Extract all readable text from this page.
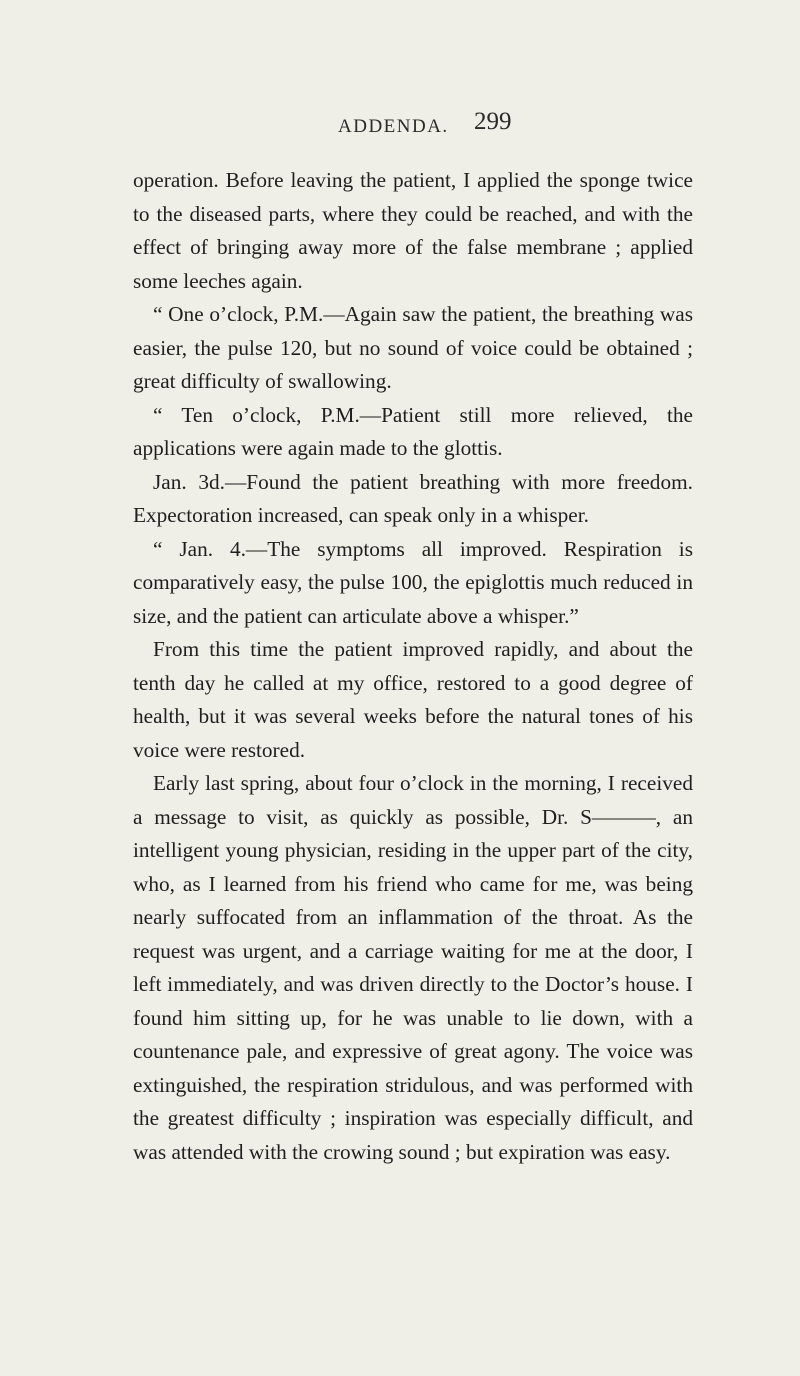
ADDENDA. 299

operation. Before leaving the patient, I applied the sponge twice to the diseased parts, where they could be reached, and with the effect of bringing away more of the false membrane ; applied some leeches again.

“ One o’clock, P.M.—Again saw the patient, the breathing was easier, the pulse 120, but no sound of voice could be obtained ; great difficulty of swallowing.

“ Ten o’clock, P.M.—Patient still more relieved, the applications were again made to the glottis.

Jan. 3d.—Found the patient breathing with more freedom. Expectoration increased, can speak only in a whisper.

“ Jan. 4.—The symptoms all improved. Respiration is comparatively easy, the pulse 100, the epiglottis much reduced in size, and the patient can articulate above a whisper.”

From this time the patient improved rapidly, and about the tenth day he called at my office, restored to a good degree of health, but it was several weeks before the natural tones of his voice were restored.

Early last spring, about four o’clock in the morning, I received a message to visit, as quickly as possible, Dr. S———, an intelligent young physician, residing in the upper part of the city, who, as I learned from his friend who came for me, was being nearly suffocated from an inflammation of the throat. As the request was urgent, and a carriage waiting for me at the door, I left immediately, and was driven directly to the Doctor’s house. I found him sitting up, for he was unable to lie down, with a countenance pale, and expressive of great agony. The voice was extinguished, the respiration stridulous, and was performed with the greatest difficulty ; inspiration was especially difficult, and was attended with the crowing sound ; but expiration was easy.
